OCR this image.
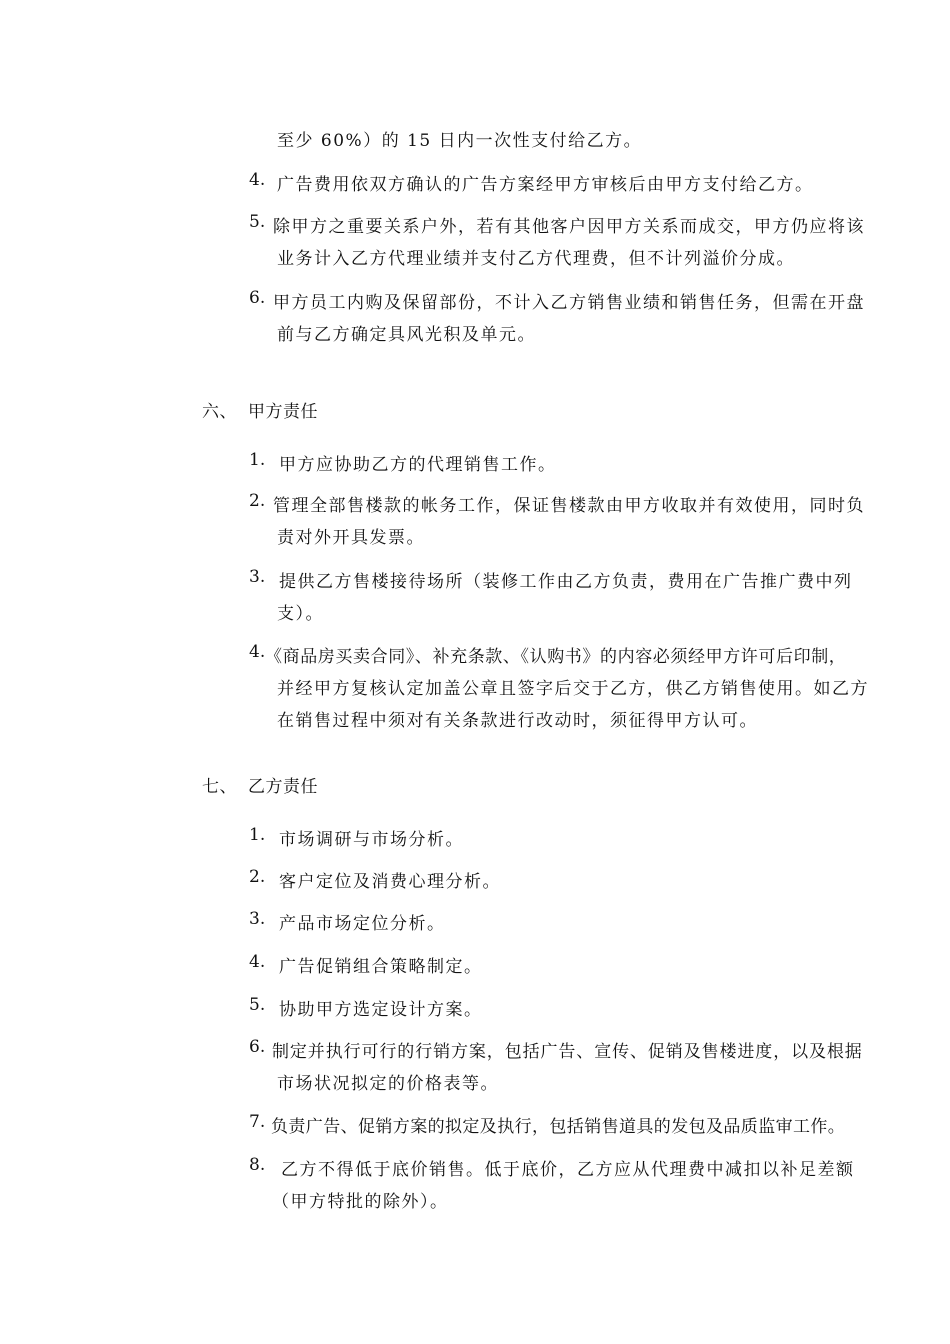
至少 60%）的 15 日内一次性支付给乙方。
4. 广告费用依双方确认的广告方案经甲方审核后由甲方支付给乙方。
5. 除甲方之重要关系户外，若有其他客户因甲方关系而成交，甲方仍应将该
业务计入乙方代理业绩并支付乙方代理费，但不计列溢价分成。
6. 甲方员工内购及保留部份，不计入乙方销售业绩和销售任务，但需在开盘
前与乙方确定具风光积及单元。
六、 甲方责任
1. 甲方应协助乙方的代理销售工作。
2. 管理全部售楼款的帐务工作，保证售楼款由甲方收取并有效使用，同时负
责对外开具发票。
3. 提供乙方售楼接待场所（装修工作由乙方负责，费用在广告推广费中列
支）。
4. 《商品房买卖合同》、补充条款、《认购书》的内容必须经甲方许可后印制，
并经甲方复核认定加盖公章且签字后交于乙方，供乙方销售使用。如乙方
在销售过程中须对有关条款进行改动时，须征得甲方认可。
七、 乙方责任
1. 市场调研与市场分析。
2. 客户定位及消费心理分析。
3. 产品市场定位分析。
4. 广告促销组合策略制定。
5. 协助甲方选定设计方案。
6. 制定并执行可行的行销方案，包括广告、宣传、促销及售楼进度，以及根据
市场状况拟定的价格表等。
7. 负责广告、促销方案的拟定及执行，包括销售道具的发包及品质监审工作。
8. 乙方不得低于底价销售。低于底价，乙方应从代理费中减扣以补足差额
（甲方特批的除外）。
